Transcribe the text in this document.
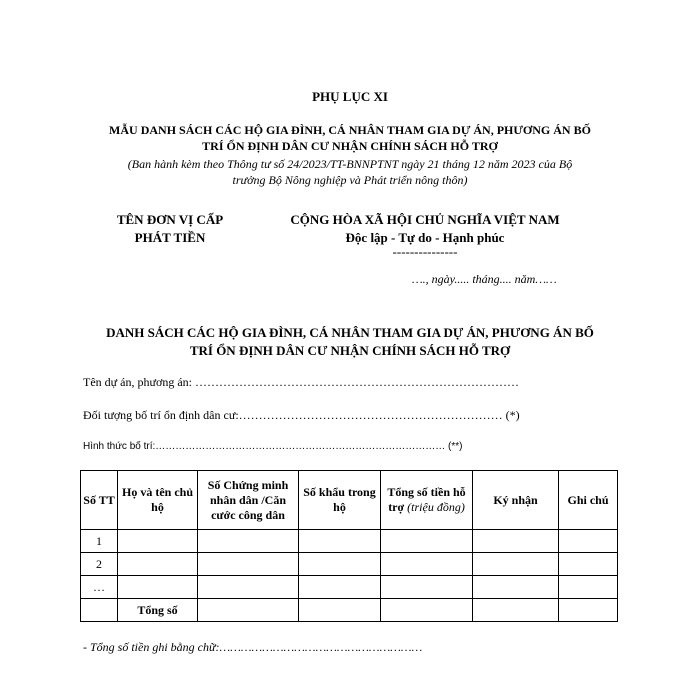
PHỤ LỤC XI
MẪU DANH SÁCH CÁC HỘ GIA ĐÌNH, CÁ NHÂN THAM GIA DỰ ÁN, PHƯƠNG ÁN BỐ
TRÍ ỔN ĐỊNH DÂN CƯ NHẬN CHÍNH SÁCH HỖ TRỢ
(Ban hành kèm theo Thông tư số 24/2023/TT-BNNPTNT ngày 21 tháng 12 năm 2023 của Bộ
trưởng Bộ Nông nghiệp và Phát triển nông thôn)
TÊN ĐƠN VỊ CẤP
PHÁT TIỀN
CỘNG HÒA XÃ HỘI CHỦ NGHĨA VIỆT NAM
Độc lập - Tự do - Hạnh phúc
---------------
…., ngày..... tháng.... năm……
DANH SÁCH CÁC HỘ GIA ĐÌNH, CÁ NHÂN THAM GIA DỰ ÁN, PHƯƠNG ÁN BỐ
TRÍ ỔN ĐỊNH DÂN CƯ NHẬN CHÍNH SÁCH HỖ TRỢ
Tên dự án, phương án: ………………………………………………………………………
Đối tượng bố trí ổn định dân cư:………………………………………………………… (*)
Hình thức bố trí:…………………………………………………………………………… (**)
Số TT	Họ và tên chủ hộ	Số Chứng minh nhân dân /Căn cước công dân	Số khẩu trong hộ	Tổng số tiền hỗ trợ (triệu đồng)	Ký nhận	Ghi chú
1						
2						
…						
	Tổng số					
- Tổng số tiền ghi bằng chữ:…………………………………………………
